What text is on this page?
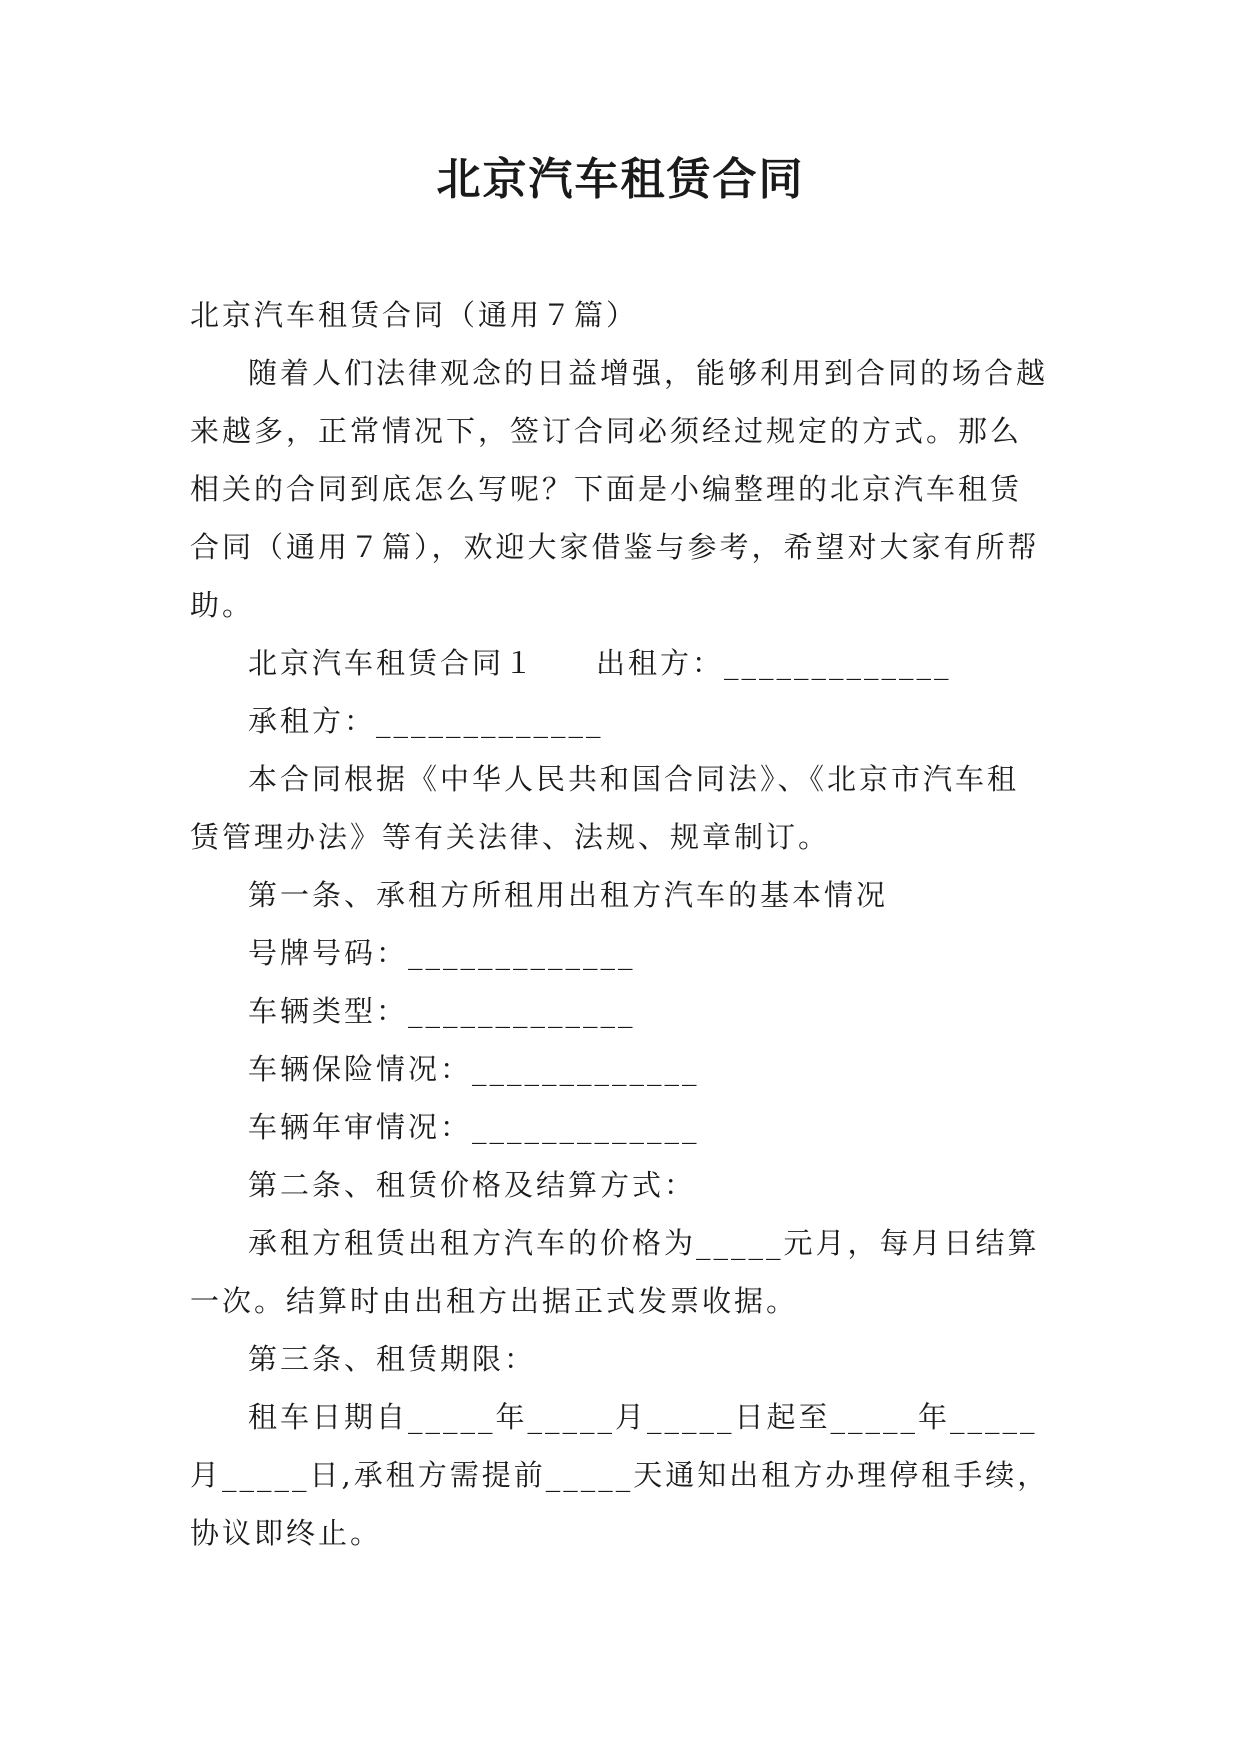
北京汽车租赁合同

北京汽车租赁合同（通用７篇）

随着人们法律观念的日益增强，能够利用到合同的场合越来越多，正常情况下，签订合同必须经过规定的方式。那么相关的合同到底怎么写呢？下面是小编整理的北京汽车租赁合同（通用７篇），欢迎大家借鉴与参考，希望对大家有所帮助。

北京汽车租赁合同１ 出租方：_____________

承租方：_____________

本合同根据《中华人民共和国合同法》、《北京市汽车租赁管理办法》等有关法律、法规、规章制订。

第一条、承租方所租用出租方汽车的基本情况

号牌号码：_____________

车辆类型：_____________

车辆保险情况：_____________

车辆年审情况：_____________

第二条、租赁价格及结算方式：

承租方租赁出租方汽车的价格为_____元月，每月日结算一次。结算时由出租方出据正式发票收据。

第三条、租赁期限：

租车日期自_____年_____月_____日起至_____年_____月_____日,承租方需提前_____天通知出租方办理停租手续，协议即终止。
